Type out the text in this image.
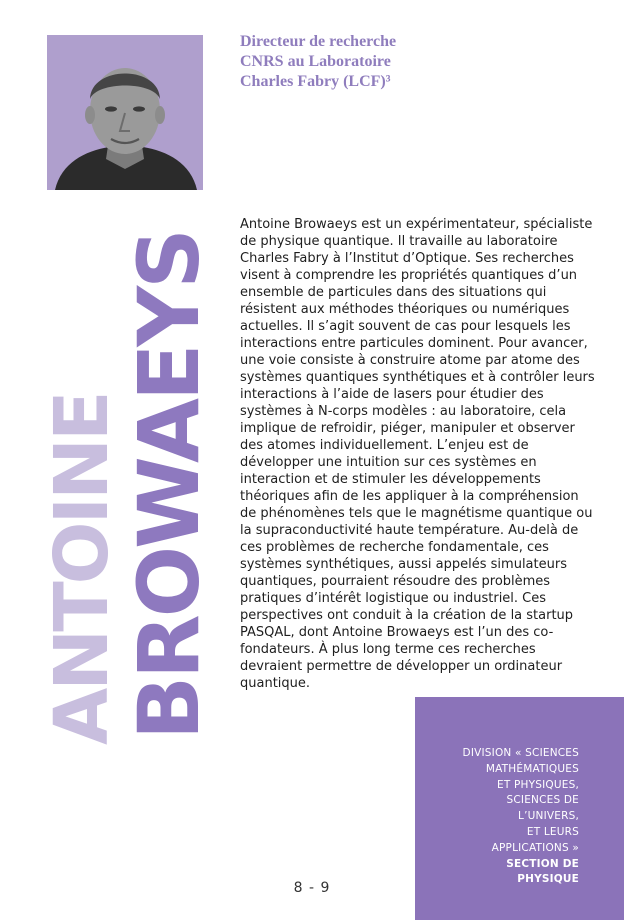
Directeur de recherche
CNRS au Laboratoire
Charles Fabry (LCF)³
ANTOINE
BROWAEYS
Antoine Browaeys est un expérimentateur, spécialiste de physique quantique. Il travaille au laboratoire Charles Fabry à l’Institut d’Optique. Ses recherches visent à comprendre les propriétés quantiques d’un ensemble de particules dans des situations qui résistent aux méthodes théoriques ou numériques actuelles. Il s’agit souvent de cas pour lesquels les interactions entre particules dominent. Pour avancer, une voie consiste à construire atome par atome des systèmes quantiques synthétiques et à contrôler leurs interactions à l’aide de lasers pour étudier des systèmes à N-corps modèles : au laboratoire, cela implique de refroidir, piéger, manipuler et observer des atomes individuellement. L’enjeu est de développer une intuition sur ces systèmes en interaction et de stimuler les développements théoriques afin de les appliquer à la compréhension de phénomènes tels que le magnétisme quantique ou la supraconductivité haute température. Au-delà de ces problèmes de recherche fondamentale, ces systèmes synthétiques, aussi appelés simulateurs quantiques, pourraient résoudre des problèmes pratiques d’intérêt logistique ou industriel. Ces perspectives ont conduit à la création de la startup PASQAL, dont Antoine Browaeys est l’un des co-fondateurs. À plus long terme ces recherches devraient permettre de développer un ordinateur quantique.
DIVISION « SCIENCES
MATHÉMATIQUES
ET PHYSIQUES,
SCIENCES DE
L’UNIVERS,
ET LEURS
APPLICATIONS »
SECTION DE
PHYSIQUE
8 - 9
